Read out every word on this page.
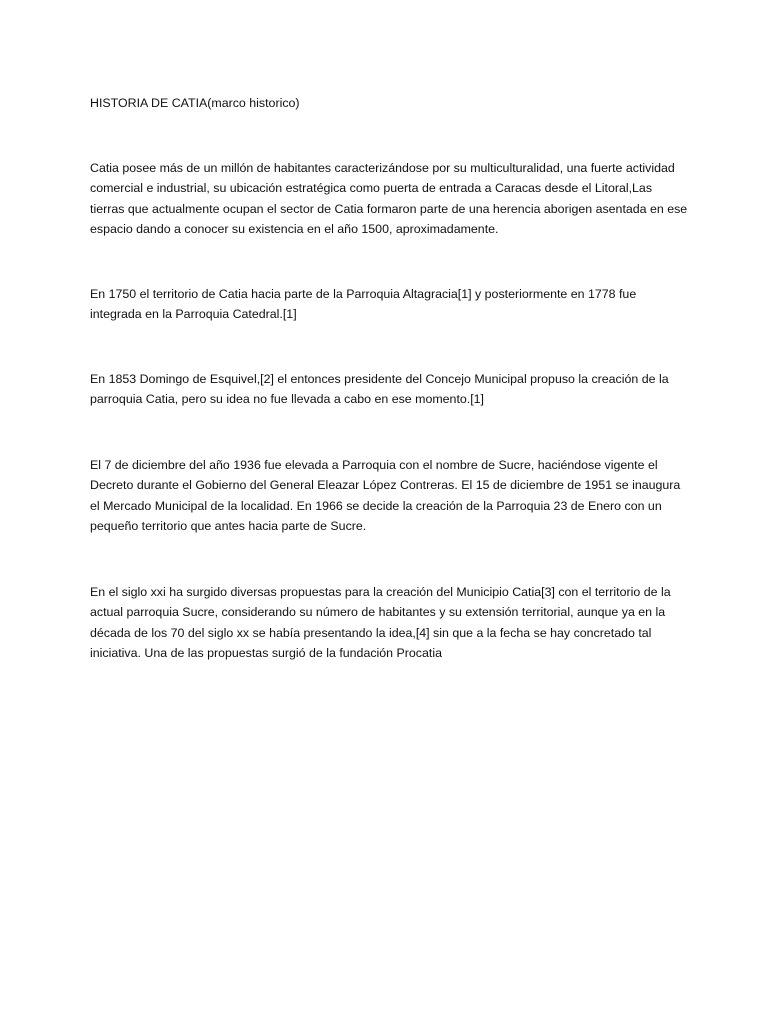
HISTORIA DE CATIA(marco historico)

Catia posee más de un millón de habitantes caracterizándose por su multiculturalidad, una fuerte actividad comercial e industrial, su ubicación estratégica como puerta de entrada a Caracas desde el Litoral,Las tierras que actualmente ocupan el sector de Catia formaron parte de una herencia aborigen asentada en ese espacio dando a conocer su existencia en el año 1500, aproximadamente.

En 1750 el territorio de Catia hacia parte de la Parroquia Altagracia[1] y posteriormente en 1778 fue integrada en la Parroquia Catedral.[1]

En 1853 Domingo de Esquivel,[2] el entonces presidente del Concejo Municipal propuso la creación de la parroquia Catia, pero su idea no fue llevada a cabo en ese momento.[1]

El 7 de diciembre del año 1936 fue elevada a Parroquia con el nombre de Sucre, haciéndose vigente el Decreto durante el Gobierno del General Eleazar López Contreras. El 15 de diciembre de 1951 se inaugura el Mercado Municipal de la localidad. En 1966 se decide la creación de la Parroquia 23 de Enero con un pequeño territorio que antes hacia parte de Sucre.

En el siglo xxi ha surgido diversas propuestas para la creación del Municipio Catia[3] con el territorio de la actual parroquia Sucre, considerando su número de habitantes y su extensión territorial, aunque ya en la década de los 70 del siglo xx se había presentando la idea,[4] sin que a la fecha se hay concretado tal iniciativa. Una de las propuestas surgió de la fundación Procatia
